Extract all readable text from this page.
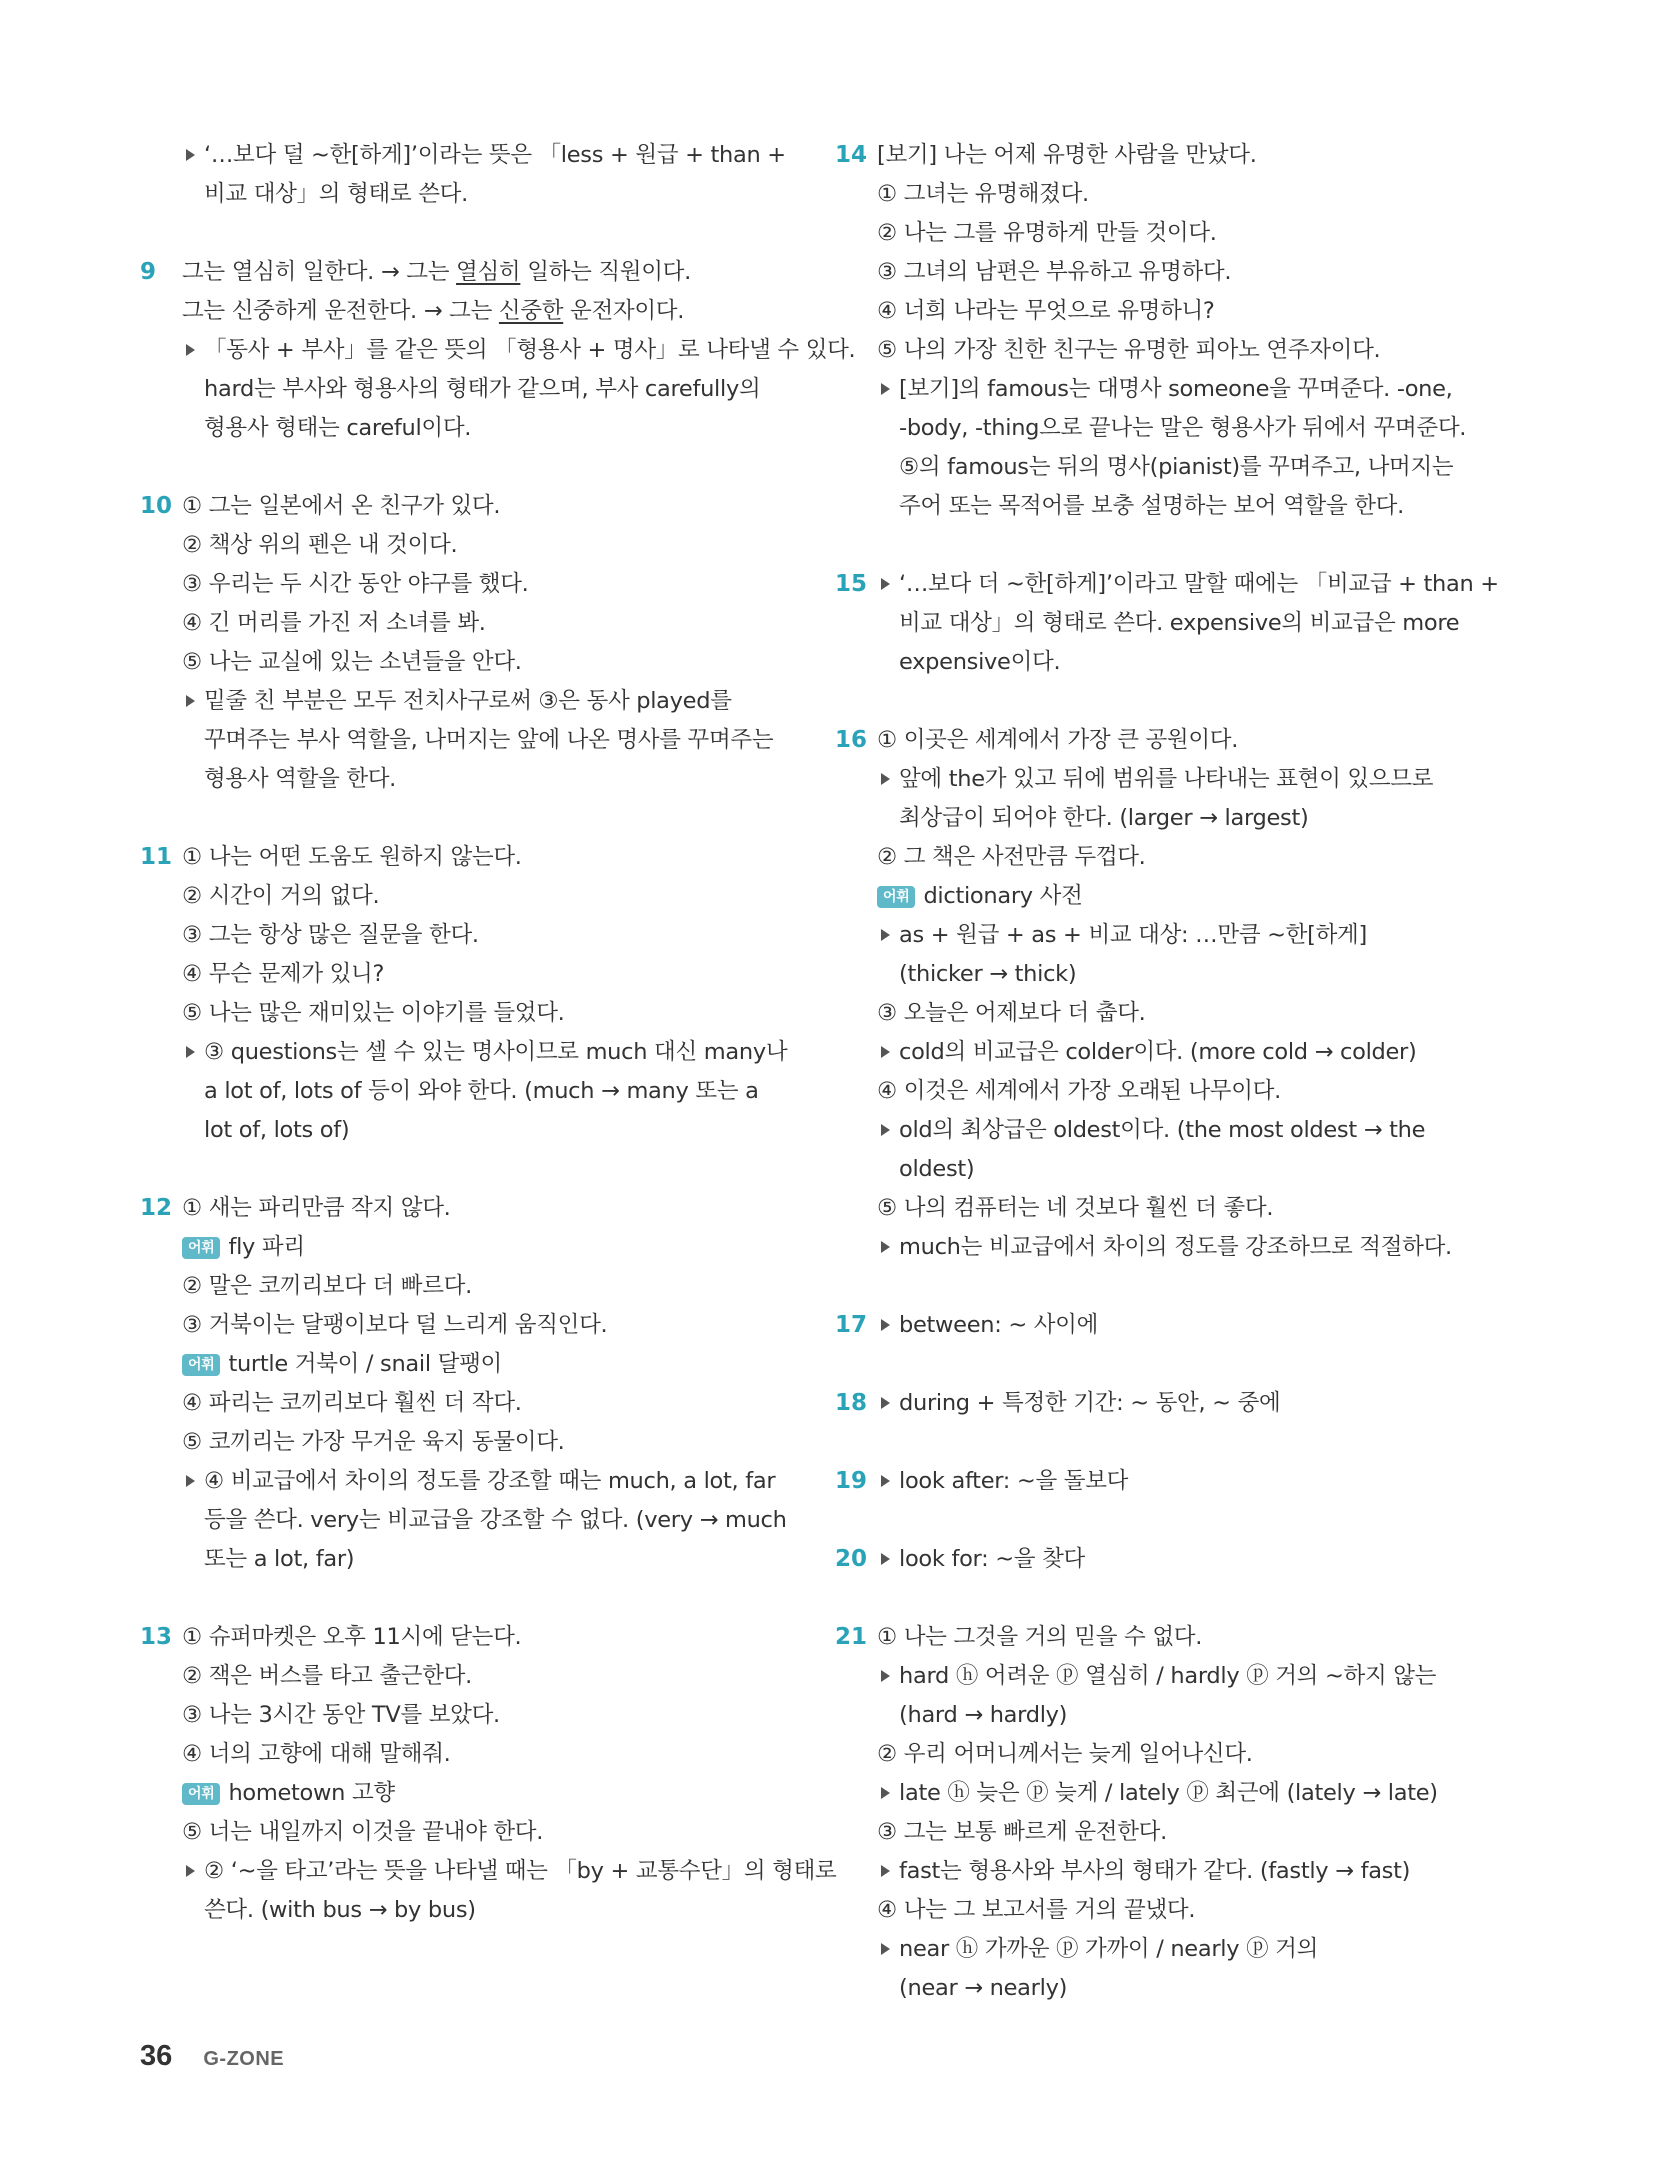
‘…보다 덜 ~한[하게]’이라는 뜻은 「less + 원급 + than +
비교 대상」의 형태로 쓴다.
9 그는 열심히 일한다. → 그는 열심히 일하는 직원이다.
그는 신중하게 운전한다. → 그는 신중한 운전자이다.
「동사 + 부사」를 같은 뜻의 「형용사 + 명사」로 나타낼 수 있다.
hard는 부사와 형용사의 형태가 같으며, 부사 carefully의
형용사 형태는 careful이다.
10 ① 그는 일본에서 온 친구가 있다.
② 책상 위의 펜은 내 것이다.
③ 우리는 두 시간 동안 야구를 했다.
④ 긴 머리를 가진 저 소녀를 봐.
⑤ 나는 교실에 있는 소년들을 안다.
밑줄 친 부분은 모두 전치사구로써 ③은 동사 played를
꾸며주는 부사 역할을, 나머지는 앞에 나온 명사를 꾸며주는
형용사 역할을 한다.
11 ① 나는 어떤 도움도 원하지 않는다.
② 시간이 거의 없다.
③ 그는 항상 많은 질문을 한다.
④ 무슨 문제가 있니?
⑤ 나는 많은 재미있는 이야기를 들었다.
③ questions는 셀 수 있는 명사이므로 much 대신 many나
a lot of, lots of 등이 와야 한다. (much → many 또는 a
lot of, lots of)
12 ① 새는 파리만큼 작지 않다.
어휘 fly 파리
② 말은 코끼리보다 더 빠르다.
③ 거북이는 달팽이보다 덜 느리게 움직인다.
어휘 turtle 거북이 / snail 달팽이
④ 파리는 코끼리보다 훨씬 더 작다.
⑤ 코끼리는 가장 무거운 육지 동물이다.
④ 비교급에서 차이의 정도를 강조할 때는 much, a lot, far
등을 쓴다. very는 비교급을 강조할 수 없다. (very → much
또는 a lot, far)
13 ① 슈퍼마켓은 오후 11시에 닫는다.
② 잭은 버스를 타고 출근한다.
③ 나는 3시간 동안 TV를 보았다.
④ 너의 고향에 대해 말해줘.
어휘 hometown 고향
⑤ 너는 내일까지 이것을 끝내야 한다.
② ‘~을 타고’라는 뜻을 나타낼 때는 「by + 교통수단」의 형태로
쓴다. (with bus → by bus)
14 [보기] 나는 어제 유명한 사람을 만났다.
① 그녀는 유명해졌다.
② 나는 그를 유명하게 만들 것이다.
③ 그녀의 남편은 부유하고 유명하다.
④ 너희 나라는 무엇으로 유명하니?
⑤ 나의 가장 친한 친구는 유명한 피아노 연주자이다.
[보기]의 famous는 대명사 someone을 꾸며준다. -one,
-body, -thing으로 끝나는 말은 형용사가 뒤에서 꾸며준다.
⑤의 famous는 뒤의 명사(pianist)를 꾸며주고, 나머지는
주어 또는 목적어를 보충 설명하는 보어 역할을 한다.
15 ‘…보다 더 ~한[하게]’이라고 말할 때에는 「비교급 + than +
비교 대상」의 형태로 쓴다. expensive의 비교급은 more
expensive이다.
16 ① 이곳은 세계에서 가장 큰 공원이다.
앞에 the가 있고 뒤에 범위를 나타내는 표현이 있으므로
최상급이 되어야 한다. (larger → largest)
② 그 책은 사전만큼 두껍다.
어휘 dictionary 사전
as + 원급 + as + 비교 대상: …만큼 ~한[하게]
(thicker → thick)
③ 오늘은 어제보다 더 춥다.
cold의 비교급은 colder이다. (more cold → colder)
④ 이것은 세계에서 가장 오래된 나무이다.
old의 최상급은 oldest이다. (the most oldest → the
oldest)
⑤ 나의 컴퓨터는 네 것보다 훨씬 더 좋다.
much는 비교급에서 차이의 정도를 강조하므로 적절하다.
17 between: ~ 사이에
18 during + 특정한 기간: ~ 동안, ~ 중에
19 look after: ~을 돌보다
20 look for: ~을 찾다
21 ① 나는 그것을 거의 믿을 수 없다.
hard ⓗ 어려운 ⓟ 열심히 / hardly ⓟ 거의 ~하지 않는
(hard → hardly)
② 우리 어머니께서는 늦게 일어나신다.
late ⓗ 늦은 ⓟ 늦게 / lately ⓟ 최근에 (lately → late)
③ 그는 보통 빠르게 운전한다.
fast는 형용사와 부사의 형태가 같다. (fastly → fast)
④ 나는 그 보고서를 거의 끝냈다.
near ⓗ 가까운 ⓟ 가까이 / nearly ⓟ 거의
(near → nearly)
36 G-ZONE
